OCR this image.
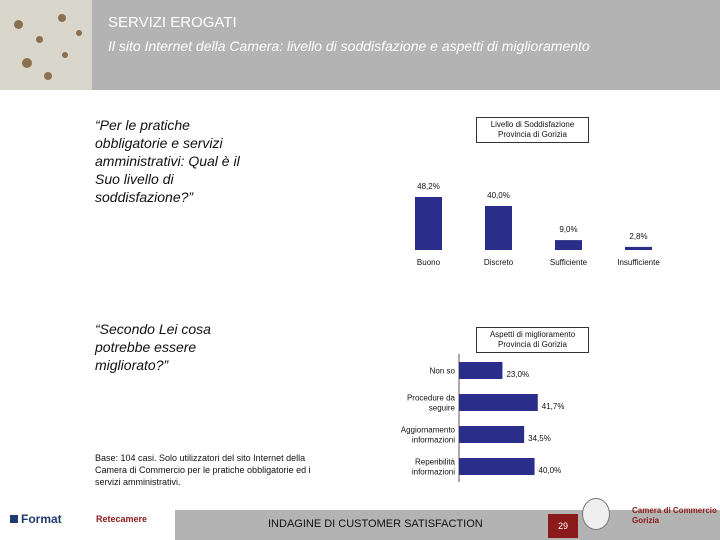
SERVIZI EROGATI
Il sito Internet della Camera: livello di soddisfazione e aspetti di miglioramento
“Per le pratiche obbligatorie e servizi amministrativi: Qual è il Suo livello di soddisfazione?”
“Secondo Lei cosa potrebbe essere migliorato?”
Livello di Soddisfazione
Provincia di Gorizia
Aspetti di miglioramento
Provincia di Gorizia
48,2%
Buono
40,0%
Discreto
9,0%
Sufficiente
2,8%
Insufficiente
23,0%
Non so
41,7%
Procedure da
seguire
34,5%
Aggiornamento
informazioni
40,0%
Reperibilità
informazioni
Base: 104 casi. Solo utilizzatori del sito Internet della Camera di Commercio per le pratiche obbligatorie ed i servizi amministrativi.
Format	Retecamere	INDAGINE DI CUSTOMER SATISFACTION	29
Camera di Commercio
Gorizia
